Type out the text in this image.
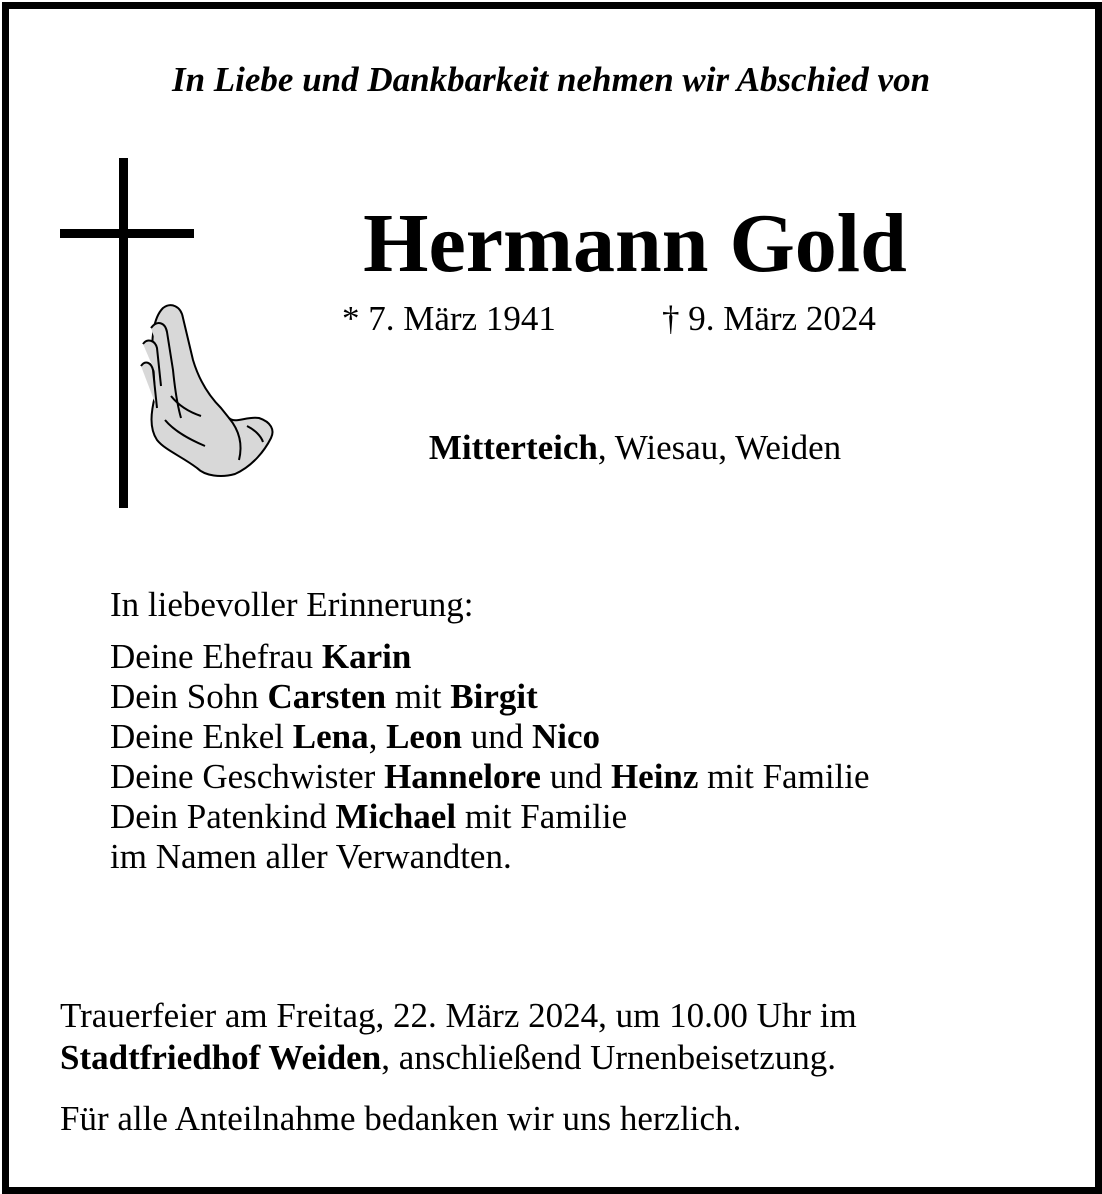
In Liebe und Dankbarkeit nehmen wir Abschied von
Hermann Gold
* 7. März 1941	† 9. März 2024
Mitterteich, Wiesau, Weiden
In liebevoller Erinnerung:
Deine Ehefrau Karin
Dein Sohn Carsten mit Birgit
Deine Enkel Lena, Leon und Nico
Deine Geschwister Hannelore und Heinz mit Familie
Dein Patenkind Michael mit Familie
im Namen aller Verwandten.
Trauerfeier am Freitag, 22. März 2024, um 10.00 Uhr im
Stadtfriedhof Weiden, anschließend Urnenbeisetzung.
Für alle Anteilnahme bedanken wir uns herzlich.
